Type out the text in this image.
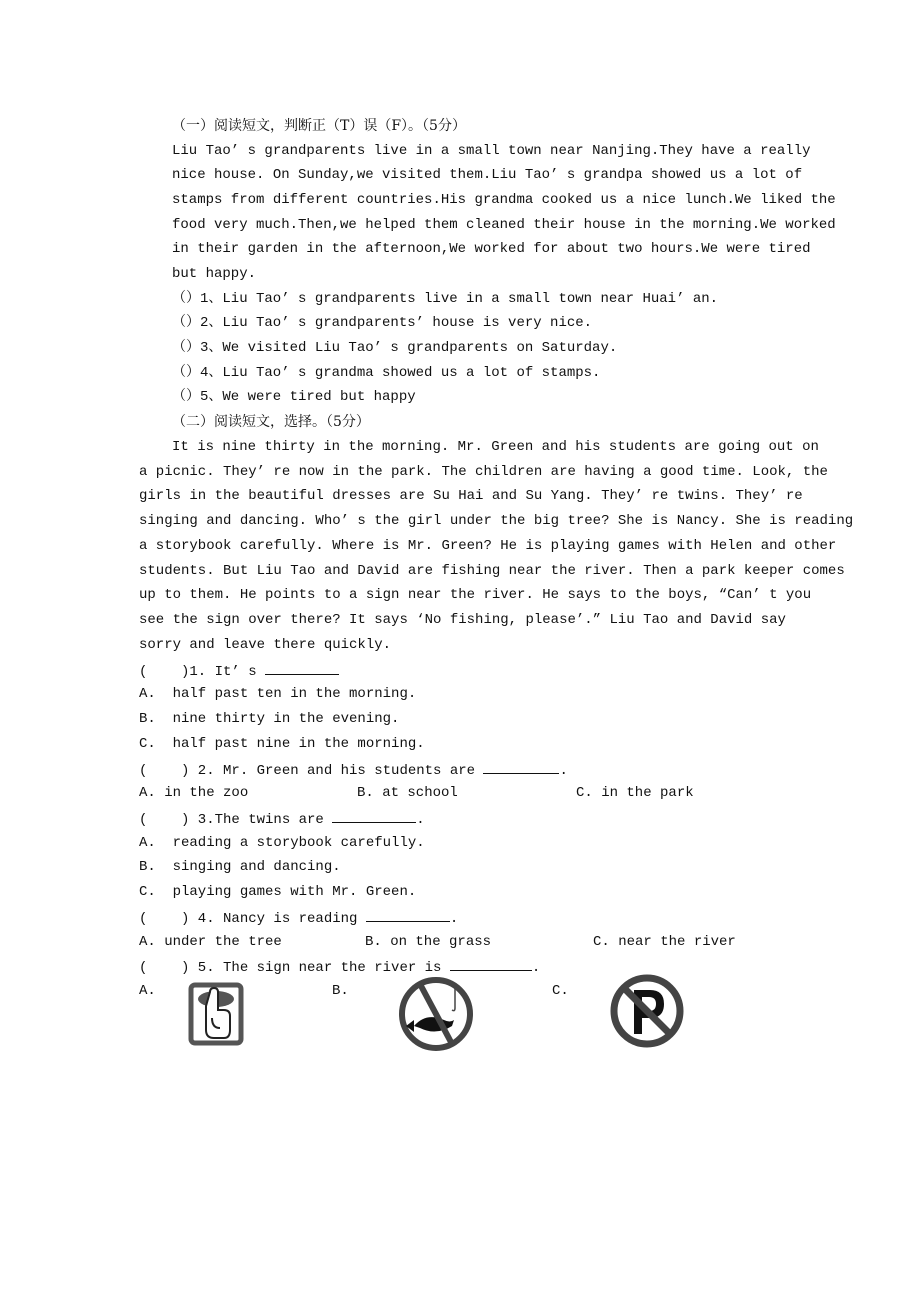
（一）阅读短文，判断正（T）误（F）。（5分）
Liu Tao’ s grandparents live in a small town near Nanjing.They have a really
nice house. On Sunday,we visited them.Liu Tao’ s grandpa showed us a lot of
stamps from different countries.His grandma cooked us a nice lunch.We liked the
food very much.Then,we helped them cleaned their house in the morning.We worked
in their garden in the afternoon,We worked for about two hours.We were tired
but happy.
（）1、Liu Tao’ s grandparents live in a small town near Huai’ an.
（）2、Liu Tao’ s grandparents’ house is very nice.
（）3、We visited Liu Tao’ s grandparents on Saturday.
（）4、Liu Tao’ s grandma showed us a lot of stamps.
（）5、We were tired but happy
（二）阅读短文，选择。（5分）
It is nine thirty in the morning. Mr. Green and his students are going out on
a picnic. They’ re now in the park. The children are having a good time. Look, the
girls in the beautiful dresses are Su Hai and Su Yang. They’ re twins. They’ re
singing and dancing. Who’ s the girl under the big tree? She is Nancy. She is reading
a storybook carefully. Where is Mr. Green? He is playing games with Helen and other
students. But Liu Tao and David are fishing near the river. Then a park keeper comes
up to them. He points to a sign near the river. He says to the boys, “Can’ t you
see the sign over there? It says ‘No fishing, please’.” Liu Tao and David say
sorry and leave there quickly.
(    )1. It’ s
A.  half past ten in the morning.
B.  nine thirty in the evening.
C.  half past nine in the morning.
(    ) 2. Mr. Green and his students are	.
A. in the zoo	B. at school	C. in the park
(    ) 3.The twins are	.
A.  reading a storybook carefully.
B.  singing and dancing.
C.  playing games with Mr. Green.
(    ) 4. Nancy is reading	.
A. under the tree	B. on the grass	C. near the river
(    ) 5. The sign near the river is	.
A.	B.	C.
